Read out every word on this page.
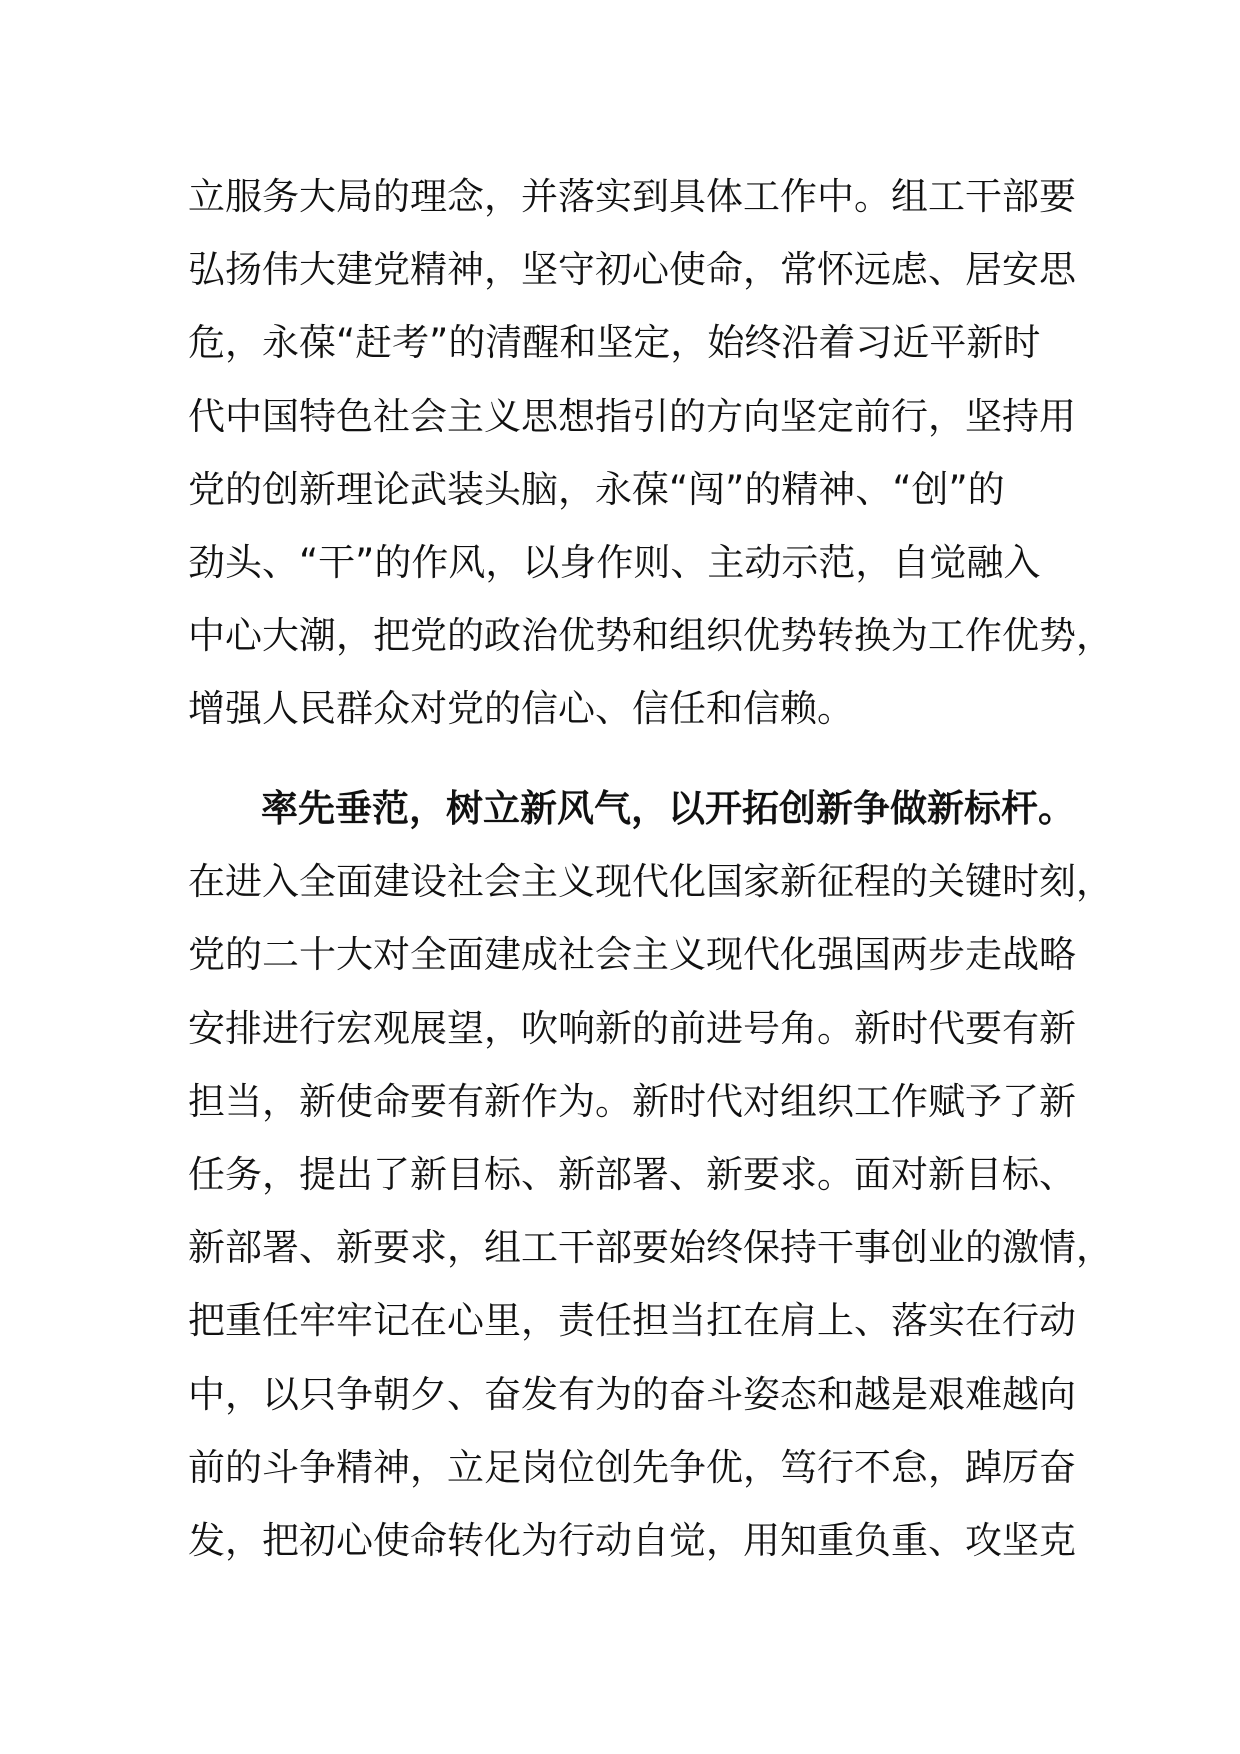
立服务大局的理念，并落实到具体工作中。组工干部要
弘扬伟大建党精神，坚守初心使命，常怀远虑、居安思
危，永葆“赶考”的清醒和坚定，始终沿着习近平新时
代中国特色社会主义思想指引的方向坚定前行，坚持用
党的创新理论武装头脑，永葆“闯”的精神、“创”的
劲头、“干”的作风，以身作则、主动示范，自觉融入
中心大潮，把党的政治优势和组织优势转换为工作优势，
增强人民群众对党的信心、信任和信赖。
率先垂范，树立新风气，以开拓创新争做新标杆。
在进入全面建设社会主义现代化国家新征程的关键时刻，
党的二十大对全面建成社会主义现代化强国两步走战略
安排进行宏观展望，吹响新的前进号角。新时代要有新
担当，新使命要有新作为。新时代对组织工作赋予了新
任务，提出了新目标、新部署、新要求。面对新目标、
新部署、新要求，组工干部要始终保持干事创业的激情，
把重任牢牢记在心里，责任担当扛在肩上、落实在行动
中，以只争朝夕、奋发有为的奋斗姿态和越是艰难越向
前的斗争精神，立足岗位创先争优，笃行不怠，踔厉奋
发，把初心使命转化为行动自觉，用知重负重、攻坚克
